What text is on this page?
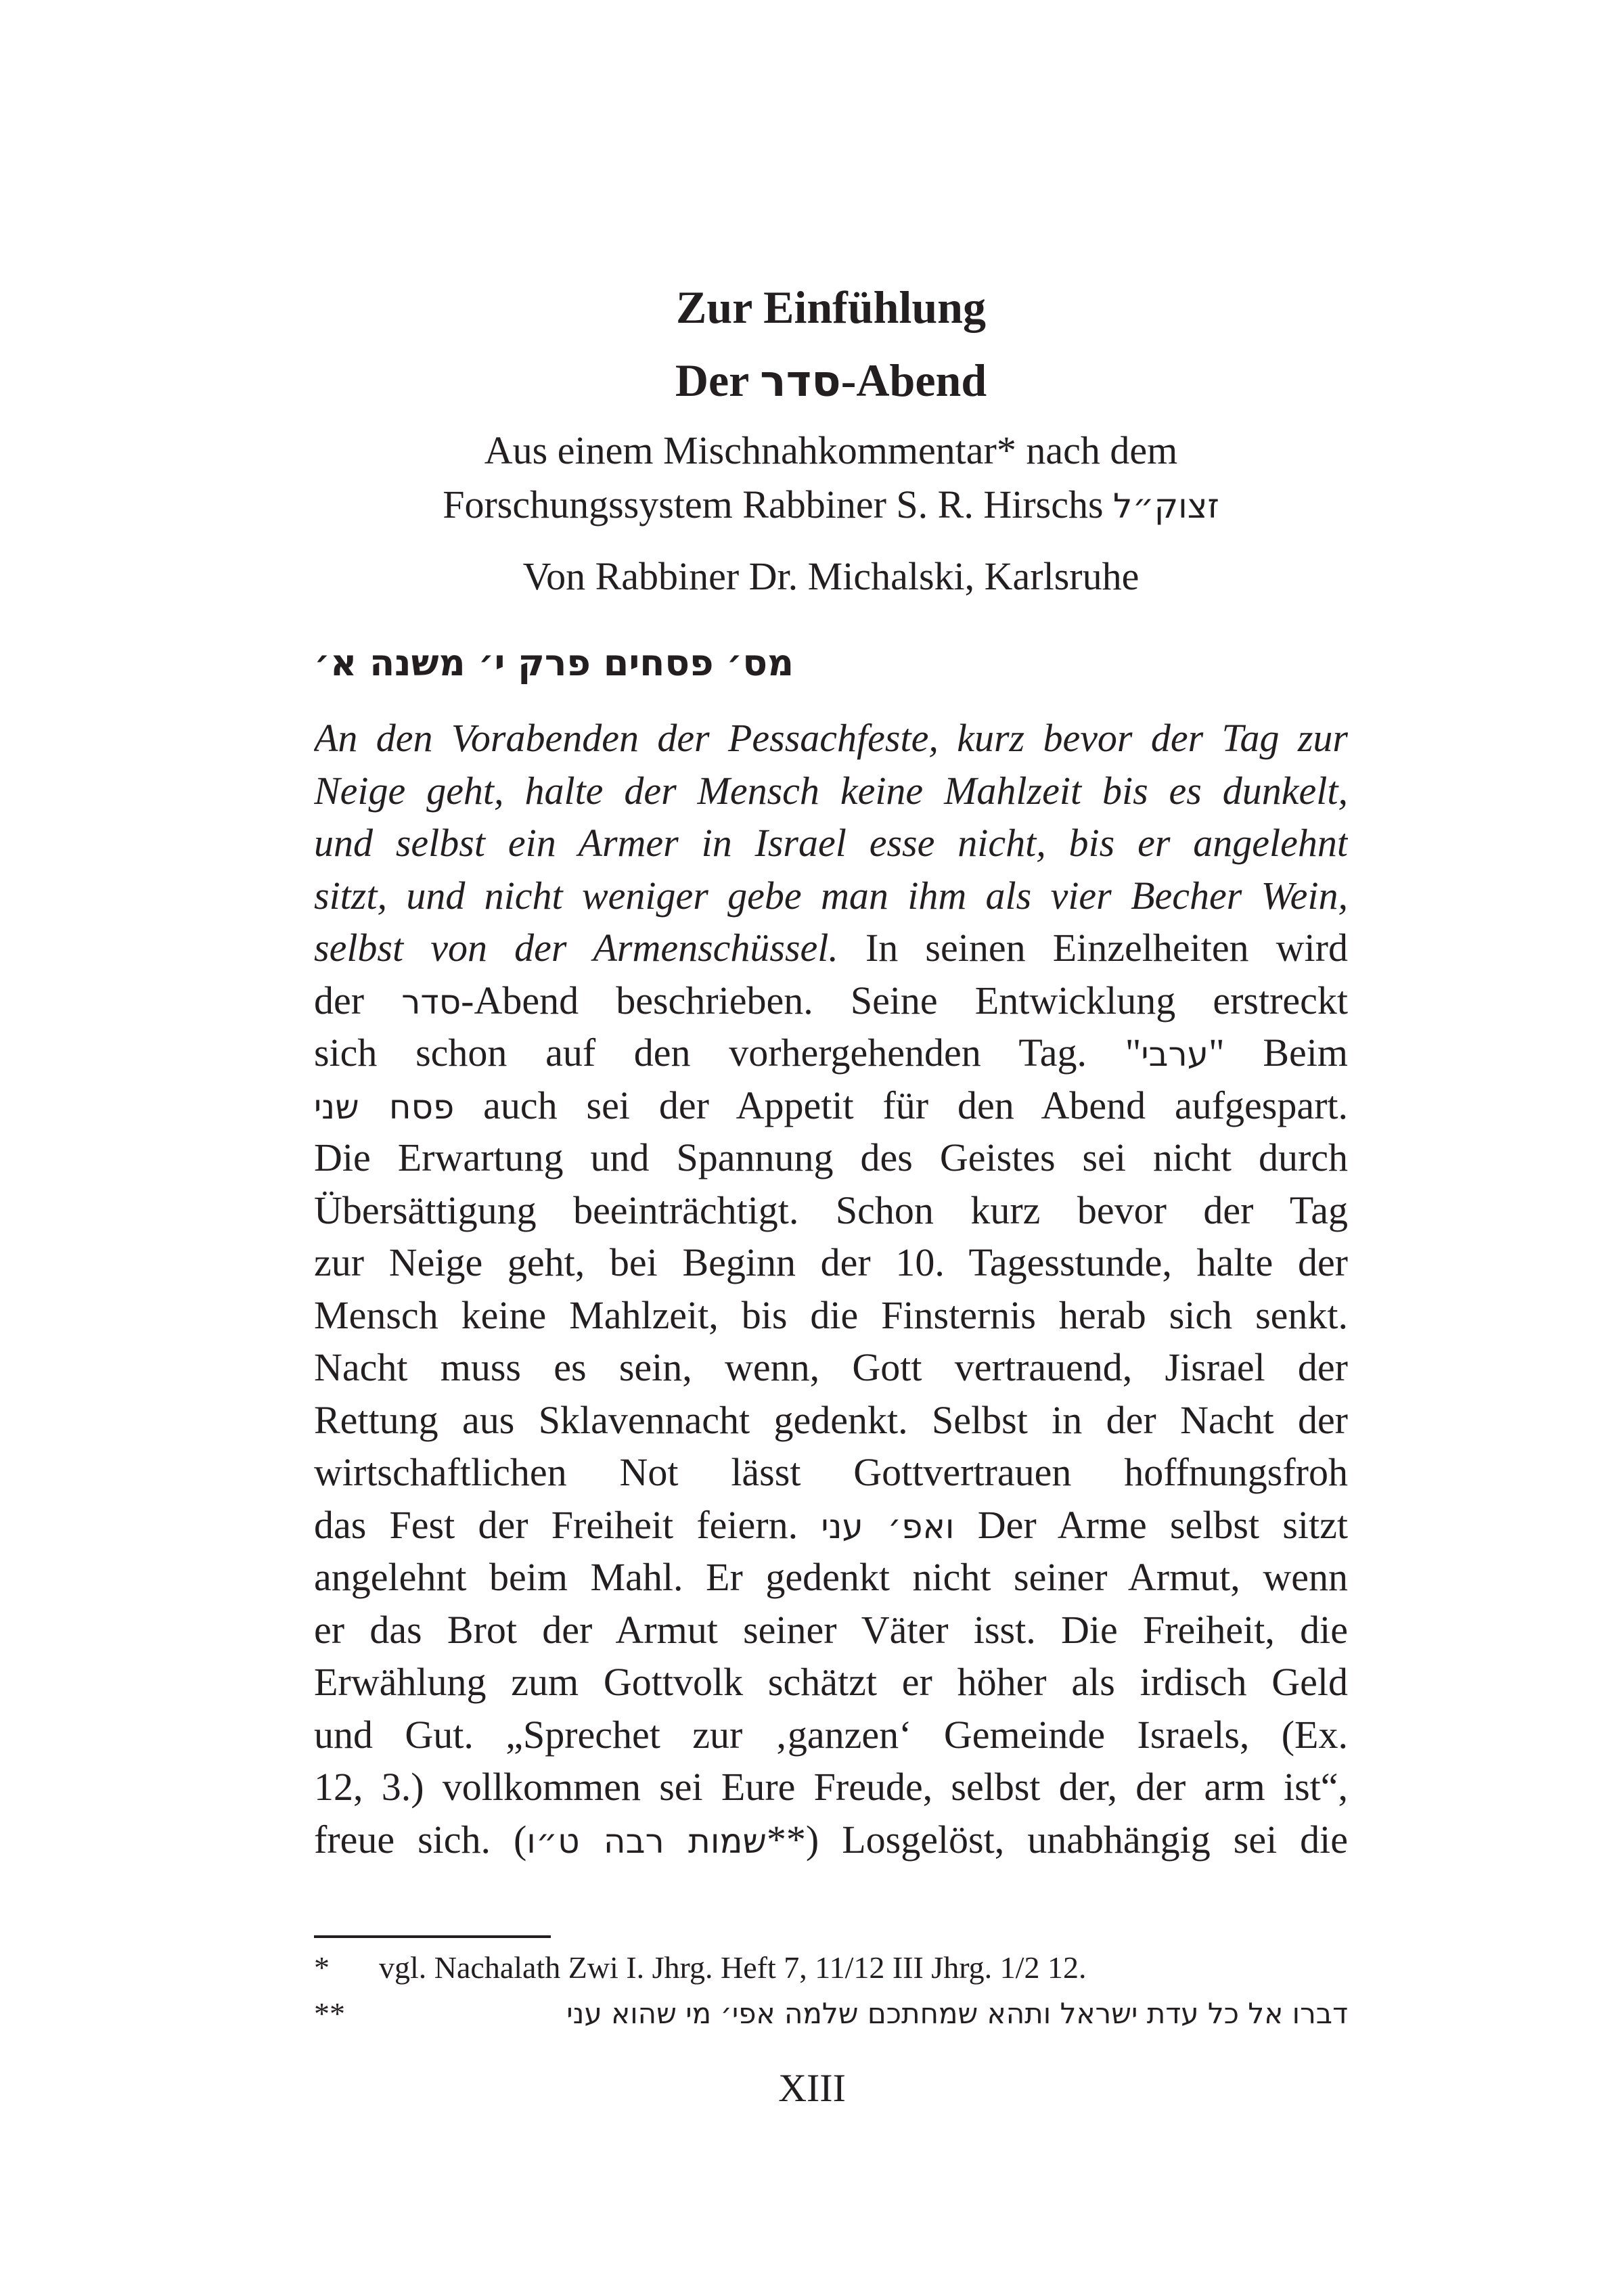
Zur Einfühlung
Der סדר-Abend
Aus einem Mischnahkommentar* nach dem
Forschungssystem Rabbiner S. R. Hirschs זצוק״ל
Von Rabbiner Dr. Michalski, Karlsruhe
מס׳ פסחים פרק י׳ משנה א׳
An den Vorabenden der Pessachfeste, kurz bevor der Tag zur
Neige geht, halte der Mensch keine Mahlzeit bis es dunkelt,
und selbst ein Armer in Israel esse nicht, bis er angelehnt
sitzt, und nicht weniger gebe man ihm als vier Becher Wein,
selbst von der Armenschüssel. In seinen Einzelheiten wird
der סדר-Abend beschrieben. Seine Entwicklung erstreckt
sich schon auf den vorhergehenden Tag. "ערבי" Beim
פסח שני auch sei der Appetit für den Abend aufgespart.
Die Erwartung und Spannung des Geistes sei nicht durch
Übersättigung beeinträchtigt. Schon kurz bevor der Tag
zur Neige geht, bei Beginn der 10. Tagesstunde, halte der
Mensch keine Mahlzeit, bis die Finsternis herab sich senkt.
Nacht muss es sein, wenn, Gott vertrauend, Jisrael der
Rettung aus Sklavennacht gedenkt. Selbst in der Nacht der
wirtschaftlichen Not lässt Gottvertrauen hoffnungsfroh
das Fest der Freiheit feiern. ואפ׳ עני Der Arme selbst sitzt
angelehnt beim Mahl. Er gedenkt nicht seiner Armut, wenn
er das Brot der Armut seiner Väter isst. Die Freiheit, die
Erwählung zum Gottvolk schätzt er höher als irdisch Geld
und Gut. „Sprechet zur ‚ganzen‘ Gemeinde Israels, (Ex.
12, 3.) vollkommen sei Eure Freude, selbst der, der arm ist“,
freue sich. (שמות רבה ט״ו**) Losgelöst, unabhängig sei die
* vgl. Nachalath Zwi I. Jhrg. Heft 7, 11/12 III Jhrg. 1/2 12.
**	דברו אל כל עדת ישראל ותהא שמחתכם שלמה אפי׳ מי שהוא עני
XIII
